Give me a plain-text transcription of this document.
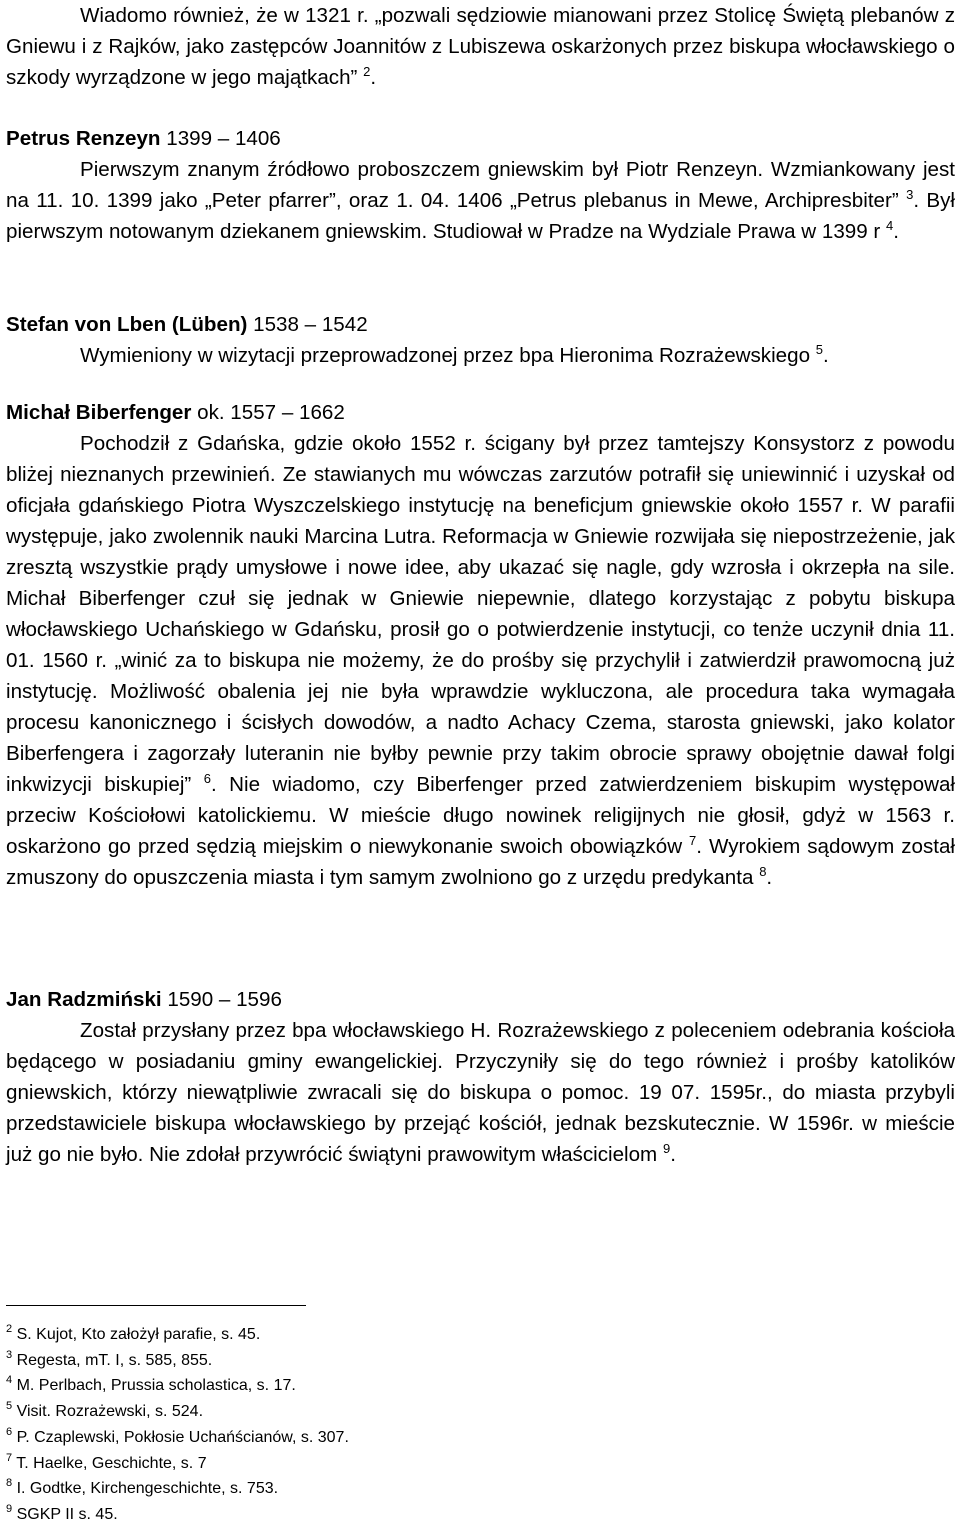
Wiadomo również, że w 1321 r. „pozwali sędziowie mianowani przez Stolicę Świętą plebanów z Gniewu i z Rajków, jako zastępców Joannitów z Lubiszewa oskarżonych przez biskupa włocławskiego o szkody wyrządzone w jego majątkach” $^2$.

Petrus Renzeyn 1399 – 1406

Pierwszym znanym źródłowo proboszczem gniewskim był Piotr Renzeyn. Wzmiankowany jest na 11. 10. 1399 jako „Peter pfarrer”, oraz 1. 04. 1406 „Petrus plebanus in Mewe, Archipresbiter” $^3$. Był pierwszym notowanym dziekanem gniewskim. Studiował w Pradze na Wydziale Prawa w 1399 r $^4$.

Stefan von Lben (Lüben) 1538 – 1542

Wymieniony w wizytacji przeprowadzonej przez bpa Hieronima Rozrażewskiego $^5$.

Michał Biberfenger ok. 1557 – 1662

Pochodził z Gdańska, gdzie około 1552 r. ścigany był przez tamtejszy Konsystorz z powodu bliżej nieznanych przewinień. Ze stawianych mu wówczas zarzutów potrafił się uniewinnić i uzyskał od oficjała gdańskiego Piotra Wyszczelskiego instytucję na beneficjum gniewskie około 1557 r. W parafii występuje, jako zwolennik nauki Marcina Lutra. Reformacja w Gniewie rozwijała się niepostrzeżenie, jak zresztą wszystkie prądy umysłowe i nowe idee, aby ukazać się nagle, gdy wzrosła i okrzepła na sile. Michał Biberfenger czuł się jednak w Gniewie niepewnie, dlatego korzystając z pobytu biskupa włocławskiego Uchańskiego w Gdańsku, prosił go o potwierdzenie instytucji, co tenże uczynił dnia 11. 01. 1560 r. „winić za to biskupa nie możemy, że do prośby się przychylił i zatwierdził prawomocną już instytucję. Możliwość obalenia jej nie była wprawdzie wykluczona, ale procedura taka wymagała procesu kanonicznego i ścisłych dowodów, a nadto Achacy Czema, starosta gniewski, jako kolator Biberfengera i zagorzały luteranin nie byłby pewnie przy takim obrocie sprawy obojętnie dawał folgi inkwizycji biskupiej” $^6$. Nie wiadomo, czy Biberfenger przed zatwierdzeniem biskupim występował przeciw Kościołowi katolickiemu. W mieście długo nowinek religijnych nie głosił, gdyż w 1563 r. oskarżono go przed sędzią miejskim o niewykonanie swoich obowiązków $^7$. Wyrokiem sądowym został zmuszony do opuszczenia miasta i tym samym zwolniono go z urzędu predykanta $^8$.

Jan Radzmiński 1590 – 1596

Został przysłany przez bpa włocławskiego H. Rozrażewskiego z poleceniem odebrania kościoła będącego w posiadaniu gminy ewangelickiej. Przyczyniły się do tego również i prośby katolików gniewskich, którzy niewątpliwie zwracali się do biskupa o pomoc. 19 07. 1595r., do miasta przybyli przedstawiciele biskupa włocławskiego by przejąć kościół, jednak bezskutecznie. W 1596r. w mieście już go nie było. Nie zdołał przywrócić świątyni prawowitym właścicielom $^9$.

$^2$ S. Kujot, Kto założył parafie, s. 45.

$^3$ Regesta, mT. I, s. 585, 855.

$^4$ M. Perlbach, Prussia scholastica, s. 17.

$^5$ Visit. Rozrażewski, s. 524.

$^6$ P. Czaplewski, Pokłosie Uchańścianów, s. 307.

$^7$ T. Haelke, Geschichte, s. 7

$^8$ I. Godtke, Kirchengeschichte, s. 753.

$^9$ SGKP II s. 45.
